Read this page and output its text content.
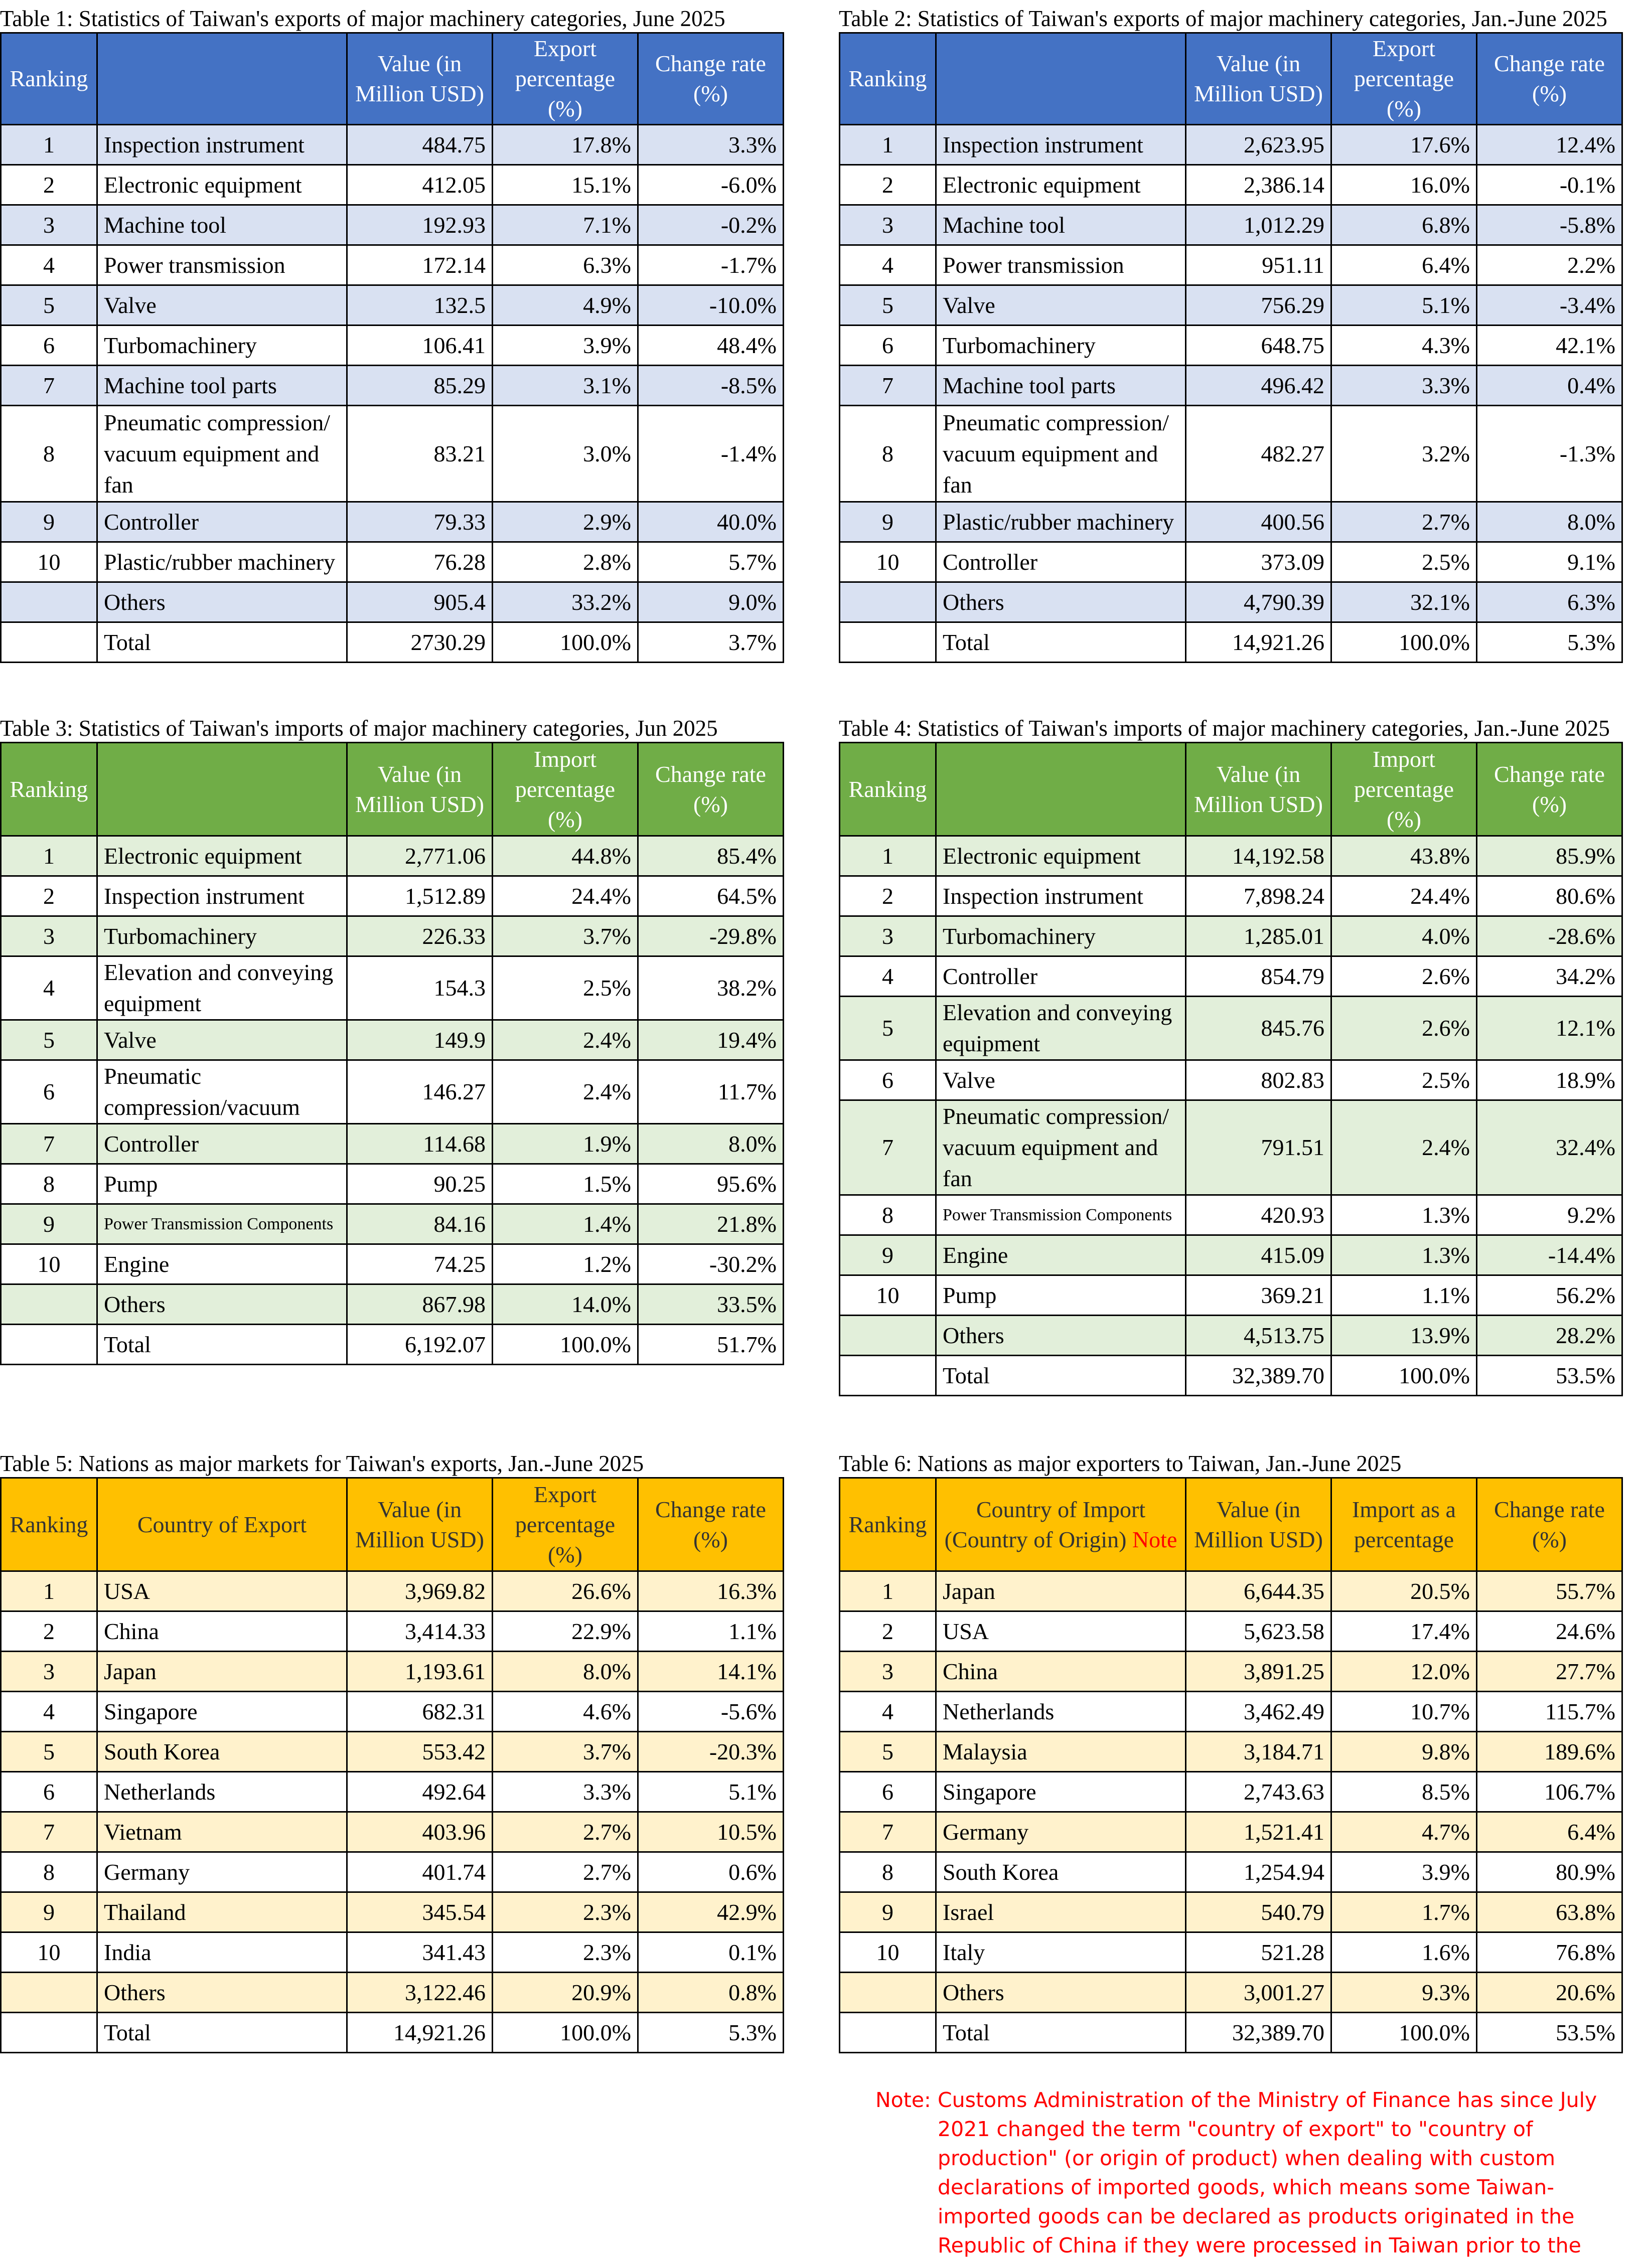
Table 1: Statistics of Taiwan's exports of major machinery categories, June 2025
Ranking		Value (in Million USD)	Export percentage (%)	Change rate (%)
1	Inspection instrument	484.75	17.8%	3.3%
2	Electronic equipment	412.05	15.1%	-6.0%
3	Machine tool	192.93	7.1%	-0.2%
4	Power transmission	172.14	6.3%	-1.7%
5	Valve	132.5	4.9%	-10.0%
6	Turbomachinery	106.41	3.9%	48.4%
7	Machine tool parts	85.29	3.1%	-8.5%
8	Pneumatic compression/ vacuum equipment and fan	83.21	3.0%	-1.4%
9	Controller	79.33	2.9%	40.0%
10	Plastic/rubber machinery	76.28	2.8%	5.7%
	Others	905.4	33.2%	9.0%
	Total	2730.29	100.0%	3.7%
Table 2: Statistics of Taiwan's exports of major machinery categories, Jan.-June 2025
Ranking		Value (in Million USD)	Export percentage (%)	Change rate (%)
1	Inspection instrument	2,623.95	17.6%	12.4%
2	Electronic equipment	2,386.14	16.0%	-0.1%
3	Machine tool	1,012.29	6.8%	-5.8%
4	Power transmission	951.11	6.4%	2.2%
5	Valve	756.29	5.1%	-3.4%
6	Turbomachinery	648.75	4.3%	42.1%
7	Machine tool parts	496.42	3.3%	0.4%
8	Pneumatic compression/ vacuum equipment and fan	482.27	3.2%	-1.3%
9	Plastic/rubber machinery	400.56	2.7%	8.0%
10	Controller	373.09	2.5%	9.1%
	Others	4,790.39	32.1%	6.3%
	Total	14,921.26	100.0%	5.3%
Table 3: Statistics of Taiwan's imports of major machinery categories, Jun 2025
Ranking		Value (in Million USD)	Import percentage (%)	Change rate (%)
1	Electronic equipment	2,771.06	44.8%	85.4%
2	Inspection instrument	1,512.89	24.4%	64.5%
3	Turbomachinery	226.33	3.7%	-29.8%
4	Elevation and conveying equipment	154.3	2.5%	38.2%
5	Valve	149.9	2.4%	19.4%
6	Pneumatic compression/vacuum	146.27	2.4%	11.7%
7	Controller	114.68	1.9%	8.0%
8	Pump	90.25	1.5%	95.6%
9	Power Transmission Components	84.16	1.4%	21.8%
10	Engine	74.25	1.2%	-30.2%
	Others	867.98	14.0%	33.5%
	Total	6,192.07	100.0%	51.7%
Table 4: Statistics of Taiwan's imports of major machinery categories, Jan.-June 2025
Ranking		Value (in Million USD)	Import percentage (%)	Change rate (%)
1	Electronic equipment	14,192.58	43.8%	85.9%
2	Inspection instrument	7,898.24	24.4%	80.6%
3	Turbomachinery	1,285.01	4.0%	-28.6%
4	Controller	854.79	2.6%	34.2%
5	Elevation and conveying equipment	845.76	2.6%	12.1%
6	Valve	802.83	2.5%	18.9%
7	Pneumatic compression/ vacuum equipment and fan	791.51	2.4%	32.4%
8	Power Transmission Components	420.93	1.3%	9.2%
9	Engine	415.09	1.3%	-14.4%
10	Pump	369.21	1.1%	56.2%
	Others	4,513.75	13.9%	28.2%
	Total	32,389.70	100.0%	53.5%
Table 5: Nations as major markets for Taiwan's exports, Jan.-June 2025
Ranking	Country of Export	Value (in Million USD)	Export percentage (%)	Change rate (%)
1	USA	3,969.82	26.6%	16.3%
2	China	3,414.33	22.9%	1.1%
3	Japan	1,193.61	8.0%	14.1%
4	Singapore	682.31	4.6%	-5.6%
5	South Korea	553.42	3.7%	-20.3%
6	Netherlands	492.64	3.3%	5.1%
7	Vietnam	403.96	2.7%	10.5%
8	Germany	401.74	2.7%	0.6%
9	Thailand	345.54	2.3%	42.9%
10	India	341.43	2.3%	0.1%
	Others	3,122.46	20.9%	0.8%
	Total	14,921.26	100.0%	5.3%
Table 6: Nations as major exporters to Taiwan, Jan.-June 2025
Ranking	Country of Import (Country of Origin) Note	Value (in Million USD)	Import as a percentage	Change rate (%)
1	Japan	6,644.35	20.5%	55.7%
2	USA	5,623.58	17.4%	24.6%
3	China	3,891.25	12.0%	27.7%
4	Netherlands	3,462.49	10.7%	115.7%
5	Malaysia	3,184.71	9.8%	189.6%
6	Singapore	2,743.63	8.5%	106.7%
7	Germany	1,521.41	4.7%	6.4%
8	South Korea	1,254.94	3.9%	80.9%
9	Israel	540.79	1.7%	63.8%
10	Italy	521.28	1.6%	76.8%
	Others	3,001.27	9.3%	20.6%
	Total	32,389.70	100.0%	53.5%
Note: Customs Administration of the Ministry of Finance has since July 2021 changed the term "country of export" to "country of production" (or origin of product) when dealing with custom declarations of imported goods, which means some Taiwan-imported goods can be declared as products originated in the Republic of China if they were processed in Taiwan prior to the
